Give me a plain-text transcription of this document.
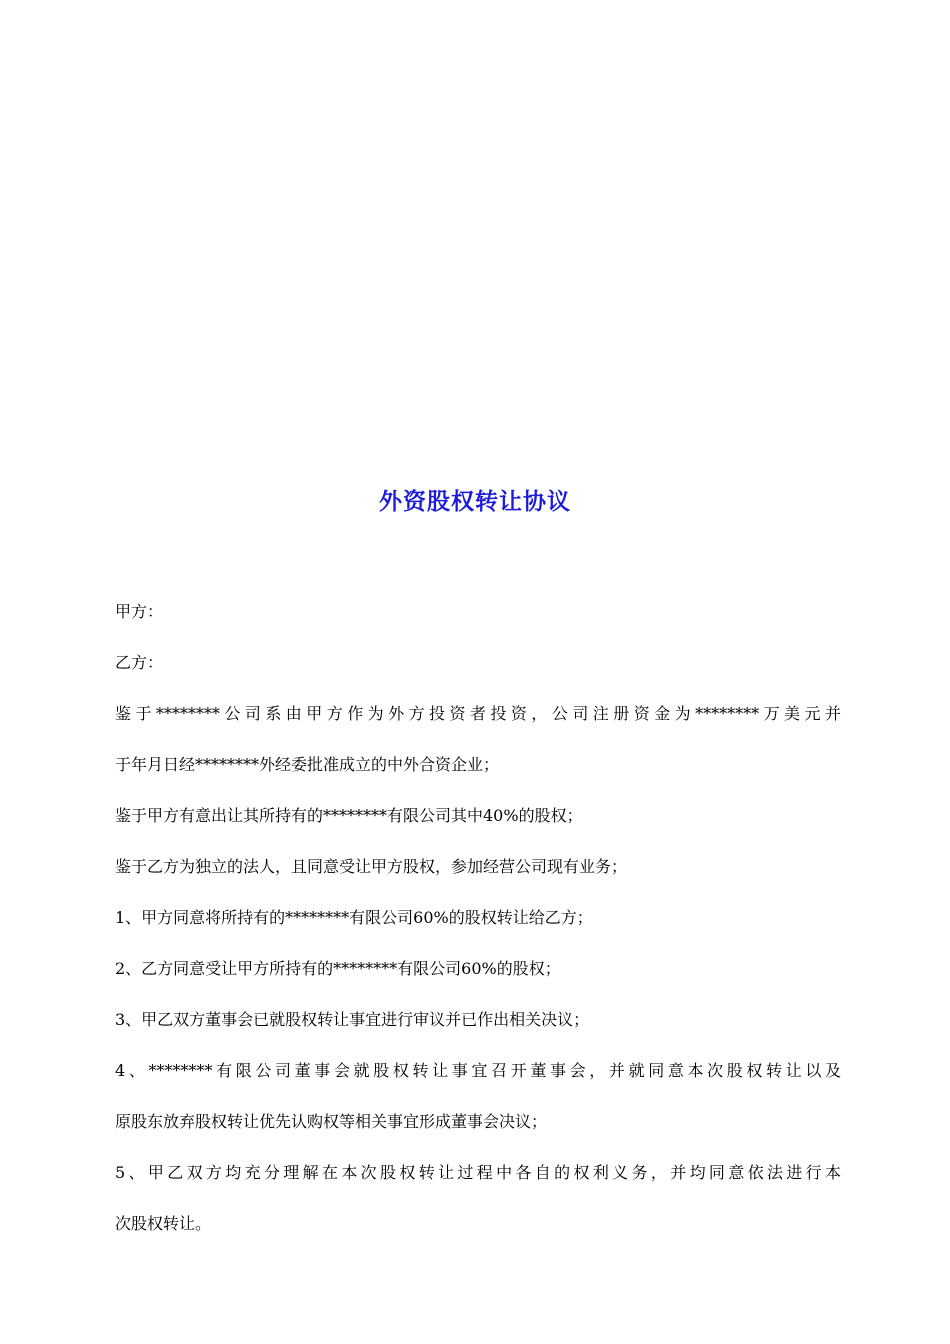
外资股权转让协议
甲方：
乙方：
鉴于********公司系由甲方作为外方投资者投资，公司注册资金为********万美元并
于年月日经********外经委批准成立的中外合资企业；
鉴于甲方有意出让其所持有的********有限公司其中40%的股权；
鉴于乙方为独立的法人，且同意受让甲方股权，参加经营公司现有业务；
1、甲方同意将所持有的********有限公司60%的股权转让给乙方；
2、乙方同意受让甲方所持有的********有限公司60%的股权；
3、甲乙双方董事会已就股权转让事宜进行审议并已作出相关决议；
4、********有限公司董事会就股权转让事宜召开董事会，并就同意本次股权转让以及
原股东放弃股权转让优先认购权等相关事宜形成董事会决议；
5、甲乙双方均充分理解在本次股权转让过程中各自的权利义务，并均同意依法进行本
次股权转让。
